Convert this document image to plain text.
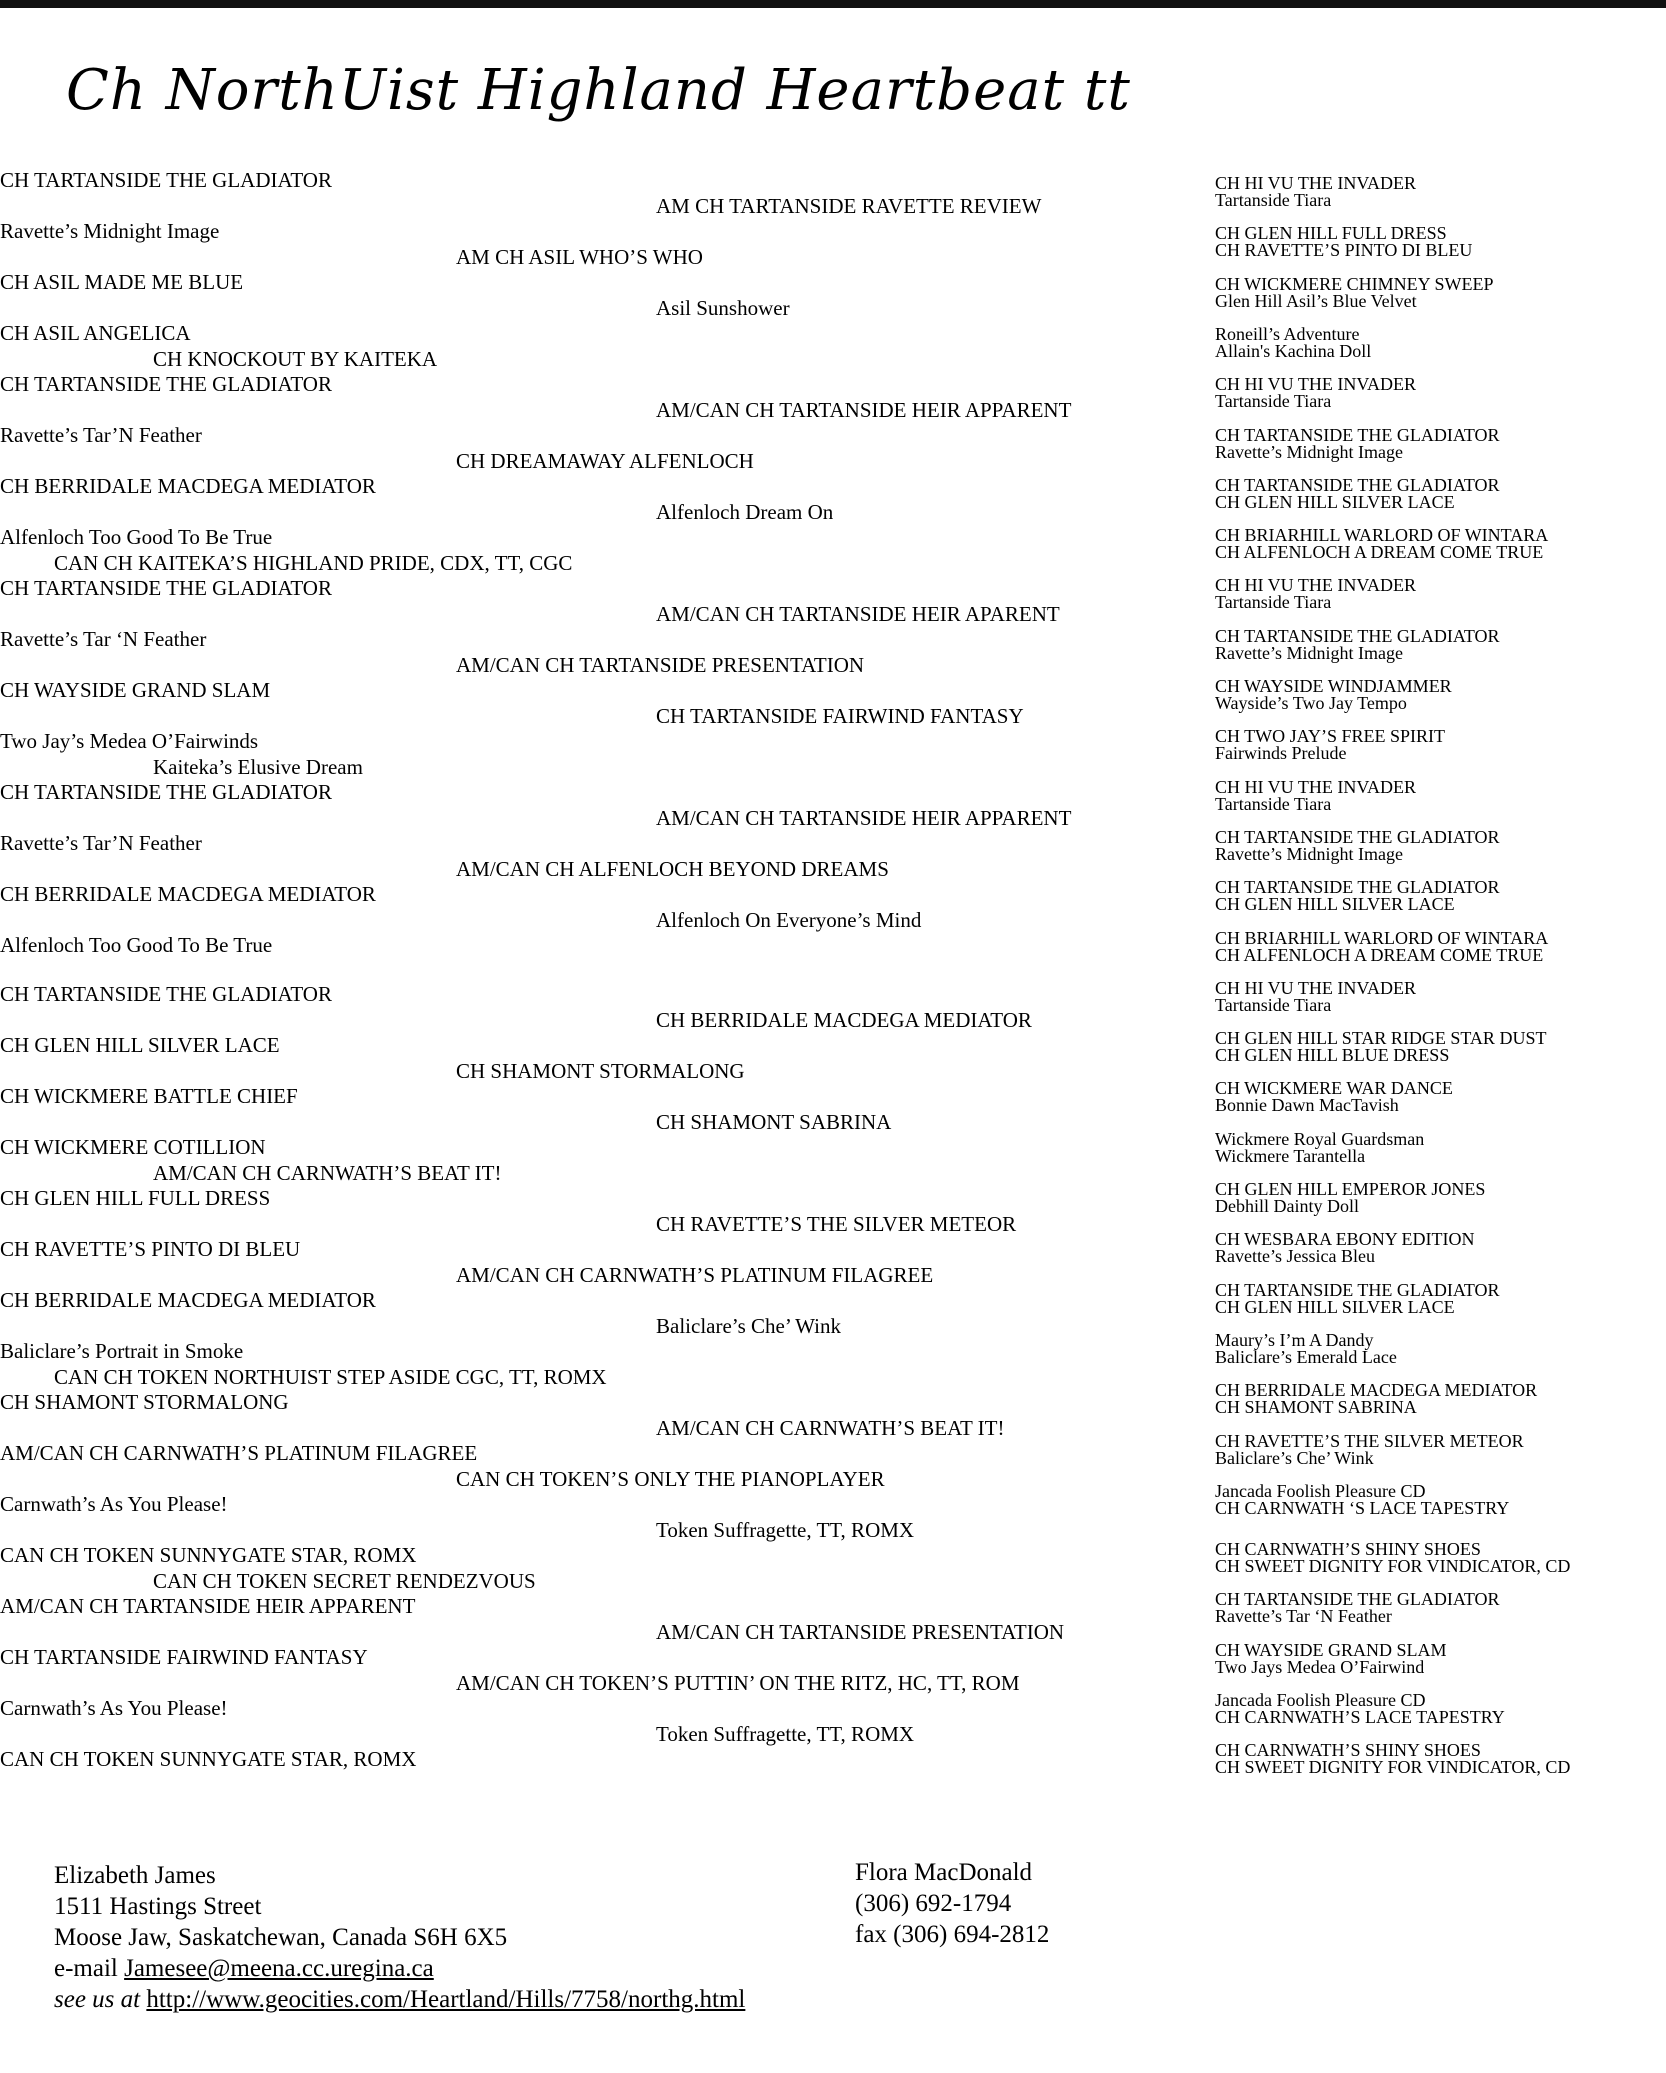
Ch NorthUist Highland Heartbeat tt
CH TARTANSIDE THE GLADIATOR
AM CH TARTANSIDE RAVETTE REVIEW
Ravette’s Midnight Image
AM CH ASIL WHO’S WHO
CH ASIL MADE ME BLUE
Asil Sunshower
CH ASIL ANGELICA
CH KNOCKOUT BY KAITEKA
CH TARTANSIDE THE GLADIATOR
AM/CAN CH TARTANSIDE HEIR APPARENT
Ravette’s Tar’N Feather
CH DREAMAWAY ALFENLOCH
CH BERRIDALE MACDEGA MEDIATOR
Alfenloch Dream On
Alfenloch Too Good To Be True
CAN CH KAITEKA’S HIGHLAND PRIDE, CDX, TT, CGC
CH TARTANSIDE THE GLADIATOR
AM/CAN CH TARTANSIDE HEIR APARENT
Ravette’s Tar ‘N Feather
AM/CAN CH TARTANSIDE PRESENTATION
CH WAYSIDE GRAND SLAM
CH TARTANSIDE FAIRWIND FANTASY
Two Jay’s Medea O’Fairwinds
Kaiteka’s Elusive Dream
CH TARTANSIDE THE GLADIATOR
AM/CAN CH TARTANSIDE HEIR APPARENT
Ravette’s Tar’N Feather
AM/CAN CH ALFENLOCH BEYOND DREAMS
CH BERRIDALE MACDEGA MEDIATOR
Alfenloch On Everyone’s Mind
Alfenloch Too Good To Be True
CH TARTANSIDE THE GLADIATOR
CH BERRIDALE MACDEGA MEDIATOR
CH GLEN HILL SILVER LACE
CH SHAMONT STORMALONG
CH WICKMERE BATTLE CHIEF
CH SHAMONT SABRINA
CH WICKMERE COTILLION
AM/CAN CH CARNWATH’S BEAT IT!
CH GLEN HILL FULL DRESS
CH RAVETTE’S THE SILVER METEOR
CH RAVETTE’S PINTO DI BLEU
AM/CAN CH CARNWATH’S PLATINUM FILAGREE
CH BERRIDALE MACDEGA MEDIATOR
Baliclare’s Che’ Wink
Baliclare’s Portrait in Smoke
CAN CH TOKEN NORTHUIST STEP ASIDE CGC, TT, ROMX
CH SHAMONT STORMALONG
AM/CAN CH CARNWATH’S BEAT IT!
AM/CAN CH CARNWATH’S PLATINUM FILAGREE
CAN CH TOKEN’S ONLY THE PIANOPLAYER
Carnwath’s As You Please!
Token Suffragette, TT, ROMX
CAN CH TOKEN SUNNYGATE STAR, ROMX
CAN CH TOKEN SECRET RENDEZVOUS
AM/CAN CH TARTANSIDE HEIR APPARENT
AM/CAN CH TARTANSIDE PRESENTATION
CH TARTANSIDE FAIRWIND FANTASY
AM/CAN CH TOKEN’S PUTTIN’ ON THE RITZ, HC, TT, ROM
Carnwath’s As You Please!
Token Suffragette, TT, ROMX
CAN CH TOKEN SUNNYGATE STAR, ROMX
CH HI VU THE INVADER
Tartanside Tiara
CH GLEN HILL FULL DRESS
CH RAVETTE’S PINTO DI BLEU
CH WICKMERE CHIMNEY SWEEP
Glen Hill Asil’s Blue Velvet
Roneill’s Adventure
Allain's Kachina Doll
CH HI VU THE INVADER
Tartanside Tiara
CH TARTANSIDE THE GLADIATOR
Ravette’s Midnight Image
CH TARTANSIDE THE GLADIATOR
CH GLEN HILL SILVER LACE
CH BRIARHILL WARLORD OF WINTARA
CH ALFENLOCH A DREAM COME TRUE
CH HI VU THE INVADER
Tartanside Tiara
CH TARTANSIDE THE GLADIATOR
Ravette’s Midnight Image
CH WAYSIDE WINDJAMMER
Wayside’s Two Jay Tempo
CH TWO JAY’S FREE SPIRIT
Fairwinds Prelude
CH HI VU THE INVADER
Tartanside Tiara
CH TARTANSIDE THE GLADIATOR
Ravette’s Midnight Image
CH TARTANSIDE THE GLADIATOR
CH GLEN HILL SILVER LACE
CH BRIARHILL WARLORD OF WINTARA
CH ALFENLOCH A DREAM COME TRUE
CH HI VU THE INVADER
Tartanside Tiara
CH GLEN HILL STAR RIDGE STAR DUST
CH GLEN HILL BLUE DRESS
CH WICKMERE WAR DANCE
Bonnie Dawn MacTavish
Wickmere Royal Guardsman
Wickmere Tarantella
CH GLEN HILL EMPEROR JONES
Debhill Dainty Doll
CH WESBARA EBONY EDITION
Ravette’s Jessica Bleu
CH TARTANSIDE THE GLADIATOR
CH GLEN HILL SILVER LACE
Maury’s I’m A Dandy
Baliclare’s Emerald Lace
CH BERRIDALE MACDEGA MEDIATOR
CH SHAMONT SABRINA
CH RAVETTE’S THE SILVER METEOR
Baliclare’s Che’ Wink
Jancada Foolish Pleasure CD
CH CARNWATH ‘S LACE TAPESTRY
CH CARNWATH’S SHINY SHOES
CH SWEET DIGNITY FOR VINDICATOR, CD
CH TARTANSIDE THE GLADIATOR
Ravette’s Tar ‘N Feather
CH WAYSIDE GRAND SLAM
Two Jays Medea O’Fairwind
Jancada Foolish Pleasure CD
CH CARNWATH’S LACE TAPESTRY
CH CARNWATH’S SHINY SHOES
CH SWEET DIGNITY FOR VINDICATOR, CD
Elizabeth James
1511 Hastings Street
Moose Jaw, Saskatchewan, Canada S6H 6X5
e-mail Jamesee@meena.cc.uregina.ca
see us at http://www.geocities.com/Heartland/Hills/7758/northg.html
Flora MacDonald
(306) 692-1794
fax (306) 694-2812
